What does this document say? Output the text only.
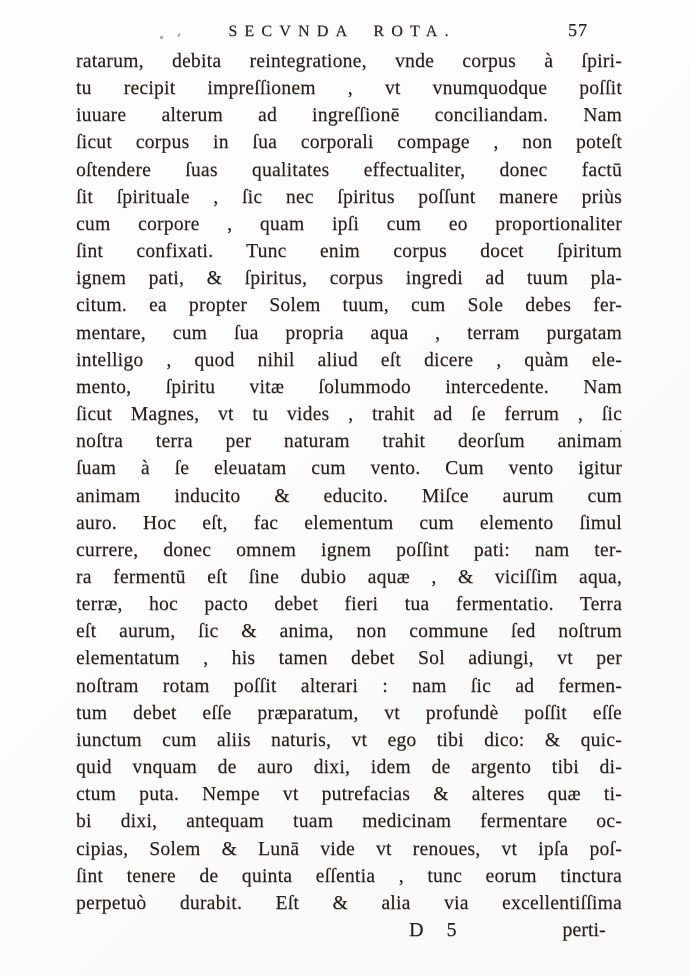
SECVNDA ROTA.	57
ratarum, debita reintegratione, vnde corpus à ſpiri-
tu recipit impreſſionem , vt vnumquodque poſſit
iuuare alterum ad ingreſſionē conciliandam. Nam
ſicut corpus in ſua corporali compage , non poteſt
oſtendere ſuas qualitates effectualiter, donec factū
ſit ſpirituale , ſic nec ſpiritus poſſunt manere priùs
cum corpore , quam ipſi cum eo proportionaliter
ſint confixati. Tunc enim corpus docet ſpiritum
ignem pati, & ſpiritus, corpus ingredi ad tuum pla-
citum. ea propter Solem tuum, cum Sole debes fer-
mentare, cum ſua propria aqua , terram purgatam
intelligo , quod nihil aliud eſt dicere , quàm ele-
mento, ſpiritu vitæ ſolummodo intercedente. Nam
ſicut Magnes, vt tu vides , trahit ad ſe ferrum , ſic
noſtra terra per naturam trahit deorſum animam
ſuam à ſe eleuatam cum vento. Cum vento igitur
animam inducito & educito. Miſce aurum cum
auro. Hoc eſt, fac elementum cum elemento ſimul
currere, donec omnem ignem poſſint pati: nam ter-
ra fermentū eſt ſine dubio aquæ , & viciſſim aqua,
terræ, hoc pacto debet fieri tua fermentatio. Terra
eſt aurum, ſic & anima, non commune ſed noſtrum
elementatum , his tamen debet Sol adiungi, vt per
noſtram rotam poſſit alterari : nam ſic ad fermen-
tum debet eſſe præparatum, vt profundè poſſit eſſe
iunctum cum aliis naturis, vt ego tibi dico: & quic-
quid vnquam de auro dixi, idem de argento tibi di-
ctum puta. Nempe vt putrefacias & alteres quæ ti-
bi dixi, antequam tuam medicinam fermentare oc-
cipias, Solem & Lunā vide vt renoues, vt ipſa poſ-
ſint tenere de quinta eſſentia , tunc eorum tinctura
perpetuò durabit. Eſt & alia via excellentiſſima
D 5	perti-
